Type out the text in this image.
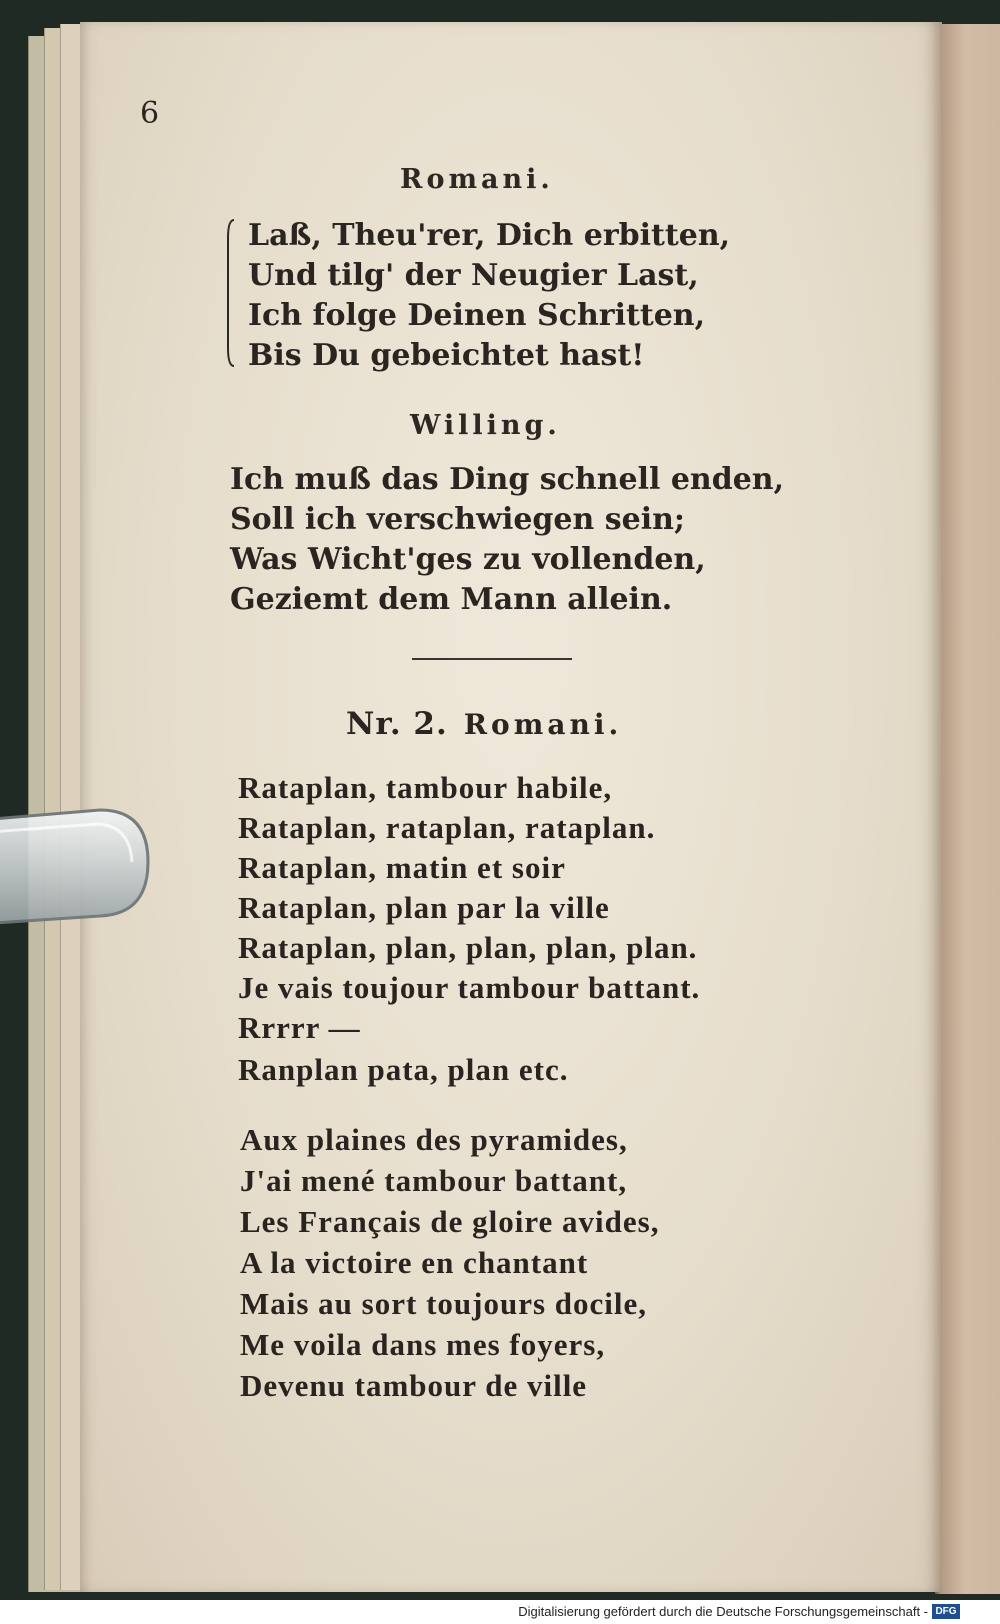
6

Romani.

Laß, Theu'rer, Dich erbitten,

Und tilg' der Neugier Last,

Ich folge Deinen Schritten,

Bis Du gebeichtet hast!

Willing.

Ich muß das Ding schnell enden,

Soll ich verschwiegen sein;

Was Wicht'ges zu vollenden,

Geziemt dem Mann allein.

Nr. 2. Romani.

Rataplan, tambour habile,

Rataplan, rataplan, rataplan.

Rataplan, matin et soir

Rataplan, plan par la ville

Rataplan, plan, plan, plan, plan.

Je vais toujour tambour battant.

Rrrrr —

Ranplan pata, plan etc.

Aux plaines des pyramides,

J'ai mené tambour battant,

Les Français de gloire avides,

A la victoire en chantant

Mais au sort toujours docile,

Me voila dans mes foyers,

Devenu tambour de ville

Digitalisierung gefördert durch die Deutsche Forschungsgemeinschaft - DFG
